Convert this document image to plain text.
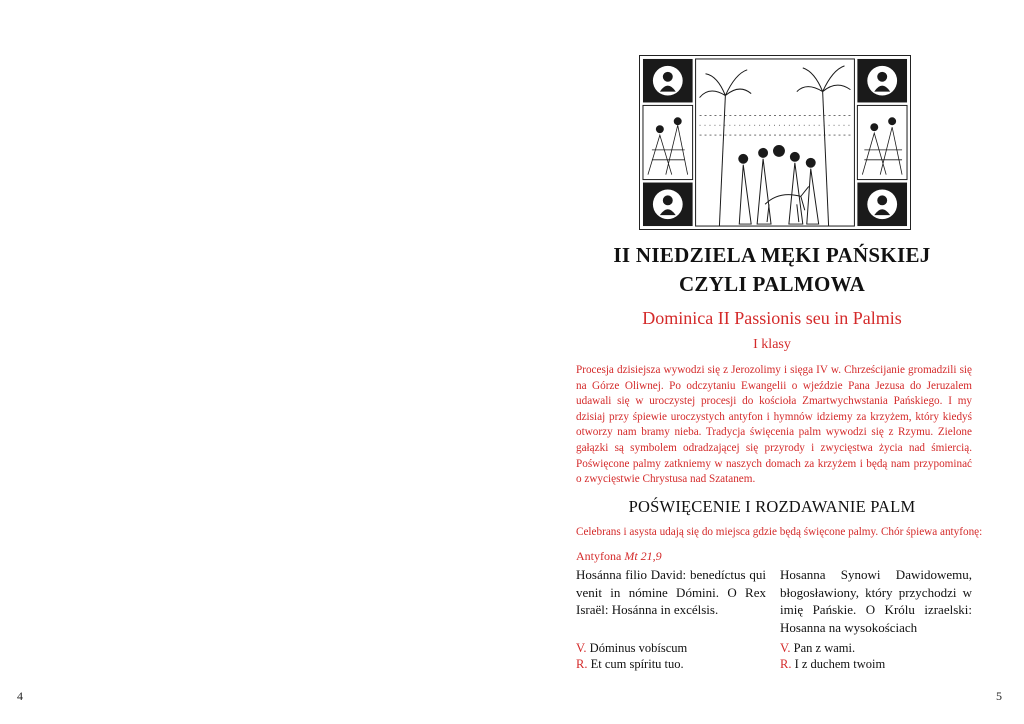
4
II NIEDZIELA MĘKI PAŃSKIEJ
CZYLI PALMOWA
Dominica II Passionis seu in Palmis
I klasy

Procesja dzisiejsza wywodzi się z Jerozolimy i sięga IV w. Chrześcijanie gromadzili się na Górze Oliwnej. Po odczytaniu Ewangelii o wjeździe Pana Jezusa do Jeruzalem udawali się w uroczystej procesji do kościoła Zmartwychwstania Pańskiego. I my dzisiaj przy śpiewie uroczystych antyfon i hymnów idziemy za krzyżem, który kiedyś otworzy nam bramy nieba. Tradycja święcenia palm wywodzi się z Rzymu. Zielone gałązki są symbolem odradzającej się przyrody i zwycięstwa życia nad śmiercią. Poświęcone palmy zatkniemy w naszych domach za krzyżem i będą nam przypominać o zwycięstwie Chrystusa nad Szatanem.

POŚWIĘCENIE I ROZDAWANIE PALM
Celebrans i asysta udają się do miejsca gdzie będą święcone palmy. Chór śpiewa antyfonę:
Antyfona Mt 21,9

Hosánna filio David: benedíctus qui venit in nómine Dómini. O Rex Israël: Hosánna in excélsis.

Hosanna Synowi Dawidowemu, błogosławiony, który przychodzi w imię Pańskie. O Królu izraelski: Hosanna na wysokościach

V. Dóminus vobíscum
R. Et cum spíritu tuo.
V. Pan z wami.
R. I z duchem twoim
5
